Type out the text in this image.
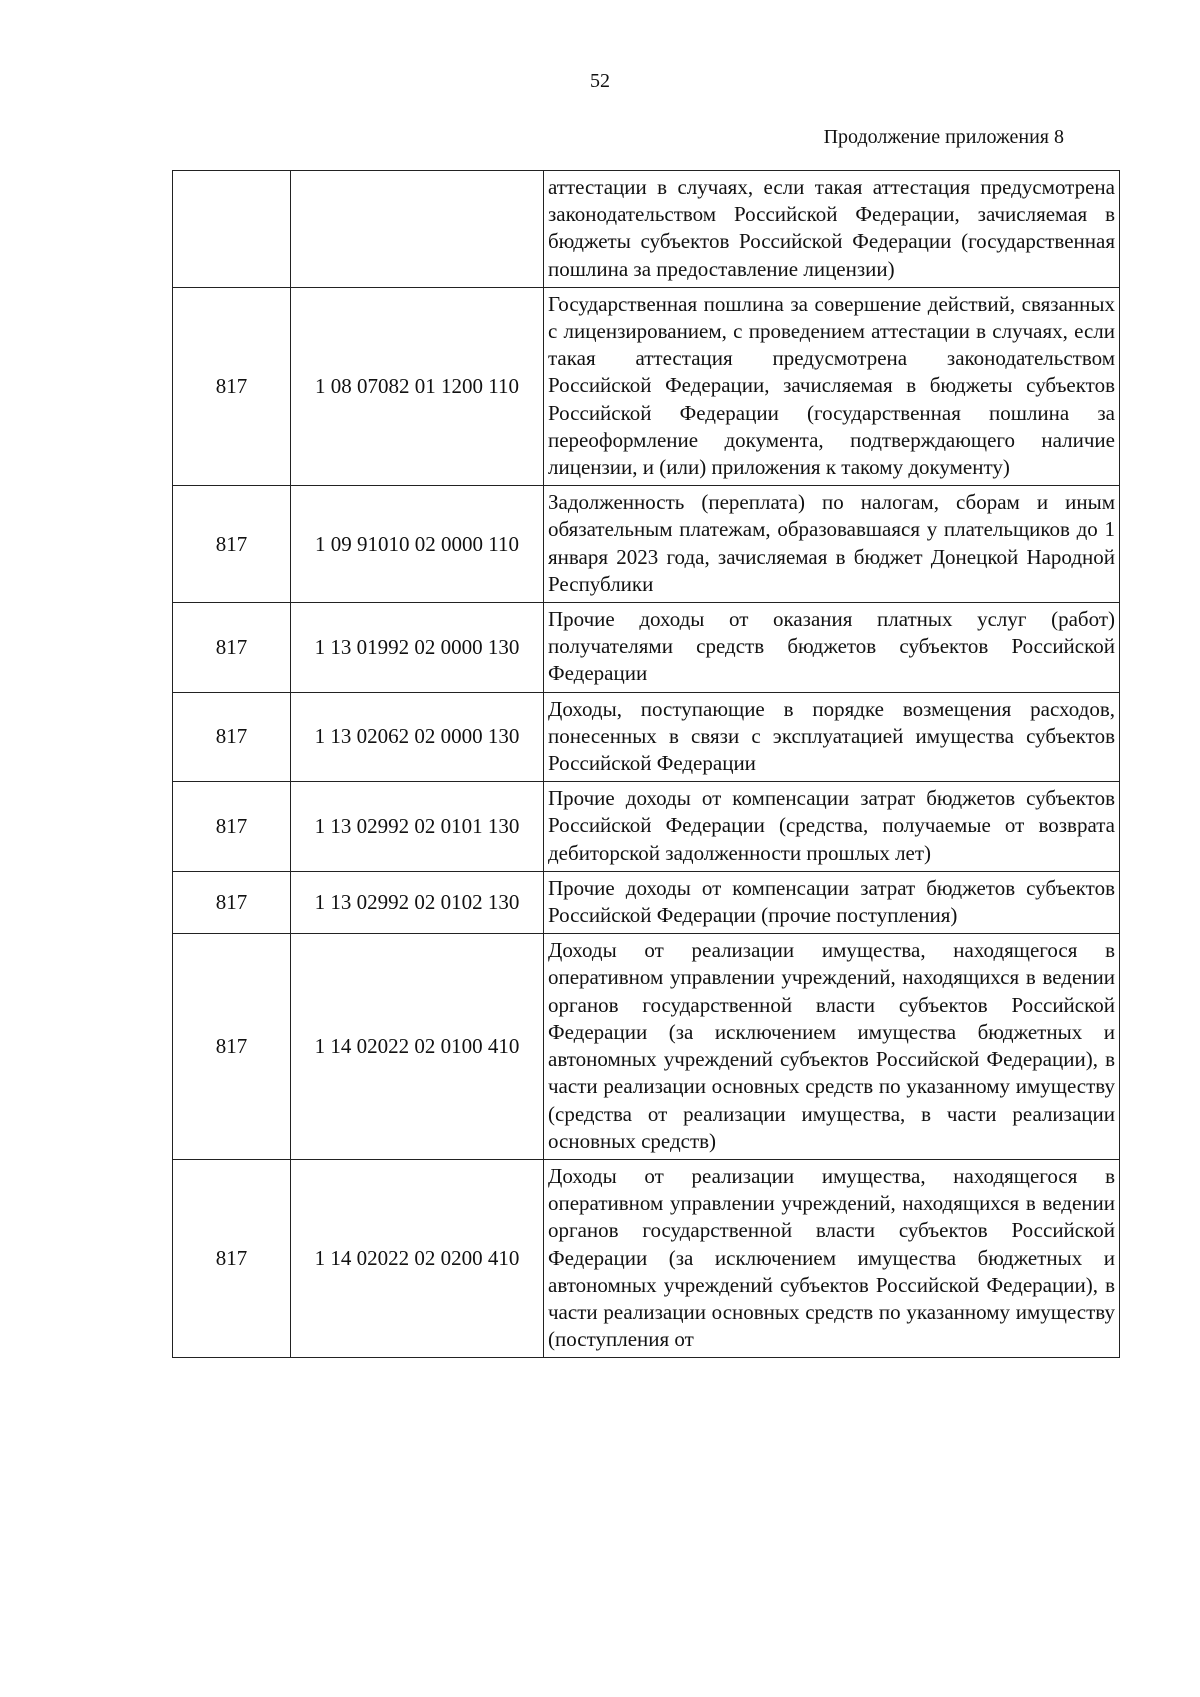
52
Продолжение приложения 8
		аттестации в случаях, если такая аттестация предусмотрена законодательством Российской Федерации, зачисляемая в бюджеты субъектов Российской Федерации (государственная пошлина за предоставление лицензии)
817	1 08 07082 01 1200 110	Государственная пошлина за совершение действий, связанных с лицензированием, с проведением аттестации в случаях, если такая аттестация предусмотрена законодательством Российской Федерации, зачисляемая в бюджеты субъектов Российской Федерации (государственная пошлина за переоформление документа, подтверждающего наличие лицензии, и (или) приложения к такому документу)
817	1 09 91010 02 0000 110	Задолженность (переплата) по налогам, сборам и иным обязательным платежам, образовавшаяся у плательщиков до 1 января 2023 года, зачисляемая в бюджет Донецкой Народной Республики
817	1 13 01992 02 0000 130	Прочие доходы от оказания платных услуг (работ) получателями средств бюджетов субъектов Российской Федерации
817	1 13 02062 02 0000 130	Доходы, поступающие в порядке возмещения расходов, понесенных в связи с эксплуатацией имущества субъектов Российской Федерации
817	1 13 02992 02 0101 130	Прочие доходы от компенсации затрат бюджетов субъектов Российской Федерации (средства, получаемые от возврата дебиторской задолженности прошлых лет)
817	1 13 02992 02 0102 130	Прочие доходы от компенсации затрат бюджетов субъектов Российской Федерации (прочие поступления)
817	1 14 02022 02 0100 410	Доходы от реализации имущества, находящегося в оперативном управлении учреждений, находящихся в ведении органов государственной власти субъектов Российской Федерации (за исключением имущества бюджетных и автономных учреждений субъектов Российской Федерации), в части реализации основных средств по указанному имуществу (средства от реализации имущества, в части реализации основных средств)
817	1 14 02022 02 0200 410	Доходы от реализации имущества, находящегося в оперативном управлении учреждений, находящихся в ведении органов государственной власти субъектов Российской Федерации (за исключением имущества бюджетных и автономных учреждений субъектов Российской Федерации), в части реализации основных средств по указанному имуществу (поступления от
